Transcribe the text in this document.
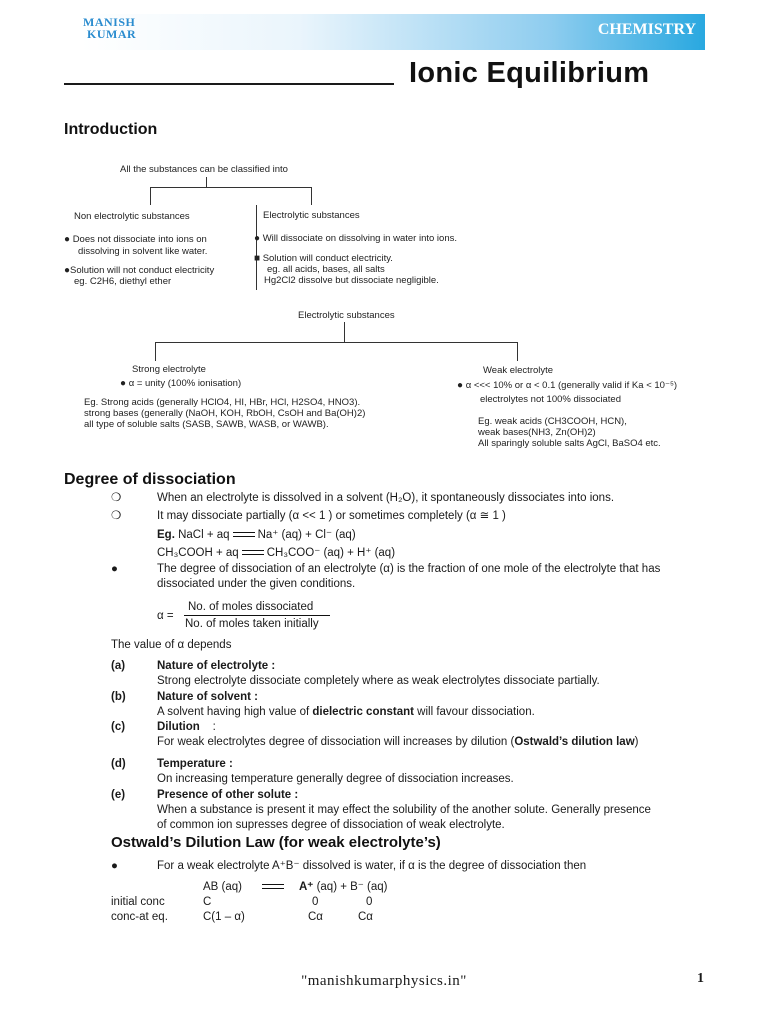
MANISH
KUMAR	CHEMISTRY
Ionic Equilibrium
Introduction
All the substances can be classified into
Non electrolytic substances
● Does not dissociate into ions on
dissolving in solvent like water.
●Solution will not conduct electricity
eg. C2H6, diethyl ether
Electrolytic substances
● Will dissociate on dissolving in water into ions.
■ Solution will conduct electricity.
eg. all acids, bases, all salts
Hg2Cl2 dissolve but dissociate negligible.
Electrolytic substances
Strong electrolyte
● α = unity (100% ionisation)
Eg. Strong acids (generally HClO4, HI, HBr, HCl, H2SO4, HNO3).
strong bases (generally (NaOH, KOH, RbOH, CsOH and Ba(OH)2)
all type of soluble salts (SASB, SAWB, WASB, or WAWB).
Weak electrolyte
● α <<< 10% or α < 0.1 (generally valid if Ka < 10⁻⁵)
electrolytes not 100% dissociated
Eg. weak acids (CH3COOH, HCN),
weak bases(NH3, Zn(OH)2)
All sparingly soluble salts AgCl, BaSO4 etc.
Degree of dissociation
❍	When an electrolyte is dissolved in a solvent (H₂O), it spontaneously dissociates into ions.
❍	It may dissociate partially (α << 1 ) or sometimes completely (α ≅ 1 )
Eg. NaCl + aq Na⁺ (aq) + Cl⁻ (aq)
CH₃COOH + aq CH₃COO⁻ (aq) + H⁺ (aq)
●	The degree of dissociation of an electrolyte (α) is the fraction of one mole of the electrolyte that has
dissociated under the given conditions.
α =
No. of moles dissociated
No. of moles taken initially
The value of α depends
(a)	Nature of electrolyte :
Strong electrolyte dissociate completely where as weak electrolytes dissociate partially.
(b)	Nature of solvent :
A solvent having high value of dielectric constant will favour dissociation.
(c)	Dilution :
For weak electrolytes degree of dissociation will increases by dilution (Ostwald’s dilution law)
(d)	Temperature :
On increasing temperature generally degree of dissociation increases.
(e)	Presence of other solute :
When a substance is present it may effect the solubility of the another solute. Generally presence
of common ion supresses degree of dissociation of weak electrolyte.
Ostwald’s Dilution Law (for weak electrolyte’s)
●	For a weak electrolyte A⁺B⁻ dissolved is water, if α is the degree of dissociation then
AB (aq)	A⁺ (aq) + B⁻ (aq)
initial conc	C	0	0
conc-at eq.	C(1 – α)	Cα	Cα
"manishkumarphysics.in"	1
